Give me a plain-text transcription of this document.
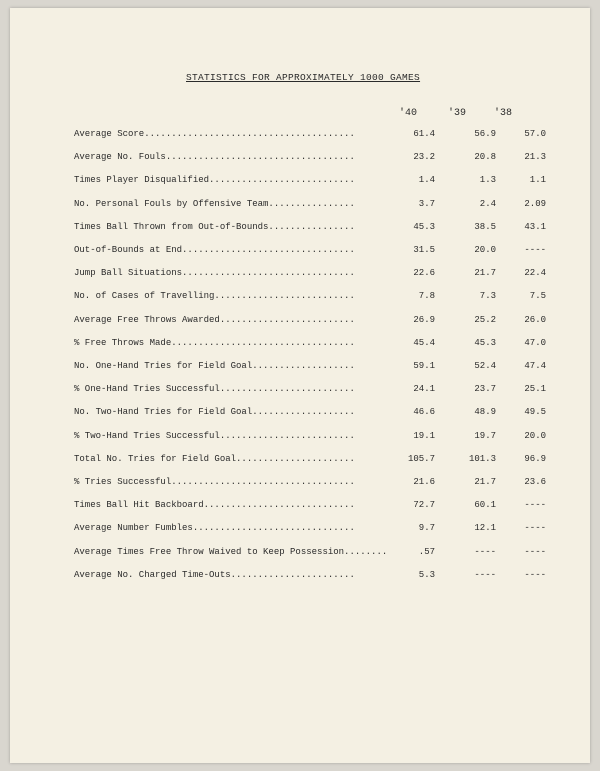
STATISTICS FOR APPROXIMATELY 1000 GAMES
'40	'39	'38
Average Score.......................................	61.4	56.9	57.0
Average No. Fouls...................................	23.2	20.8	21.3
Times Player Disqualified...........................	1.4	1.3	1.1
No. Personal Fouls by Offensive Team................	3.7	2.4	2.09
Times Ball Thrown from Out-of-Bounds................	45.3	38.5	43.1
Out-of-Bounds at End................................	31.5	20.0	----
Jump Ball Situations................................	22.6	21.7	22.4
No. of Cases of Travelling..........................	7.8	7.3	7.5
Average Free Throws Awarded.........................	26.9	25.2	26.0
% Free Throws Made..................................	45.4	45.3	47.0
No. One-Hand Tries for Field Goal...................	59.1	52.4	47.4
% One-Hand Tries Successful.........................	24.1	23.7	25.1
No. Two-Hand Tries for Field Goal...................	46.6	48.9	49.5
% Two-Hand Tries Successful.........................	19.1	19.7	20.0
Total No. Tries for Field Goal......................	105.7	101.3	96.9
% Tries Successful..................................	21.6	21.7	23.6
Times Ball Hit Backboard............................	72.7	60.1	----
Average Number Fumbles..............................	9.7	12.1	----
Average Times Free Throw Waived to Keep Possession........	.57	----	----
Average No. Charged Time-Outs.......................	5.3	----	----
